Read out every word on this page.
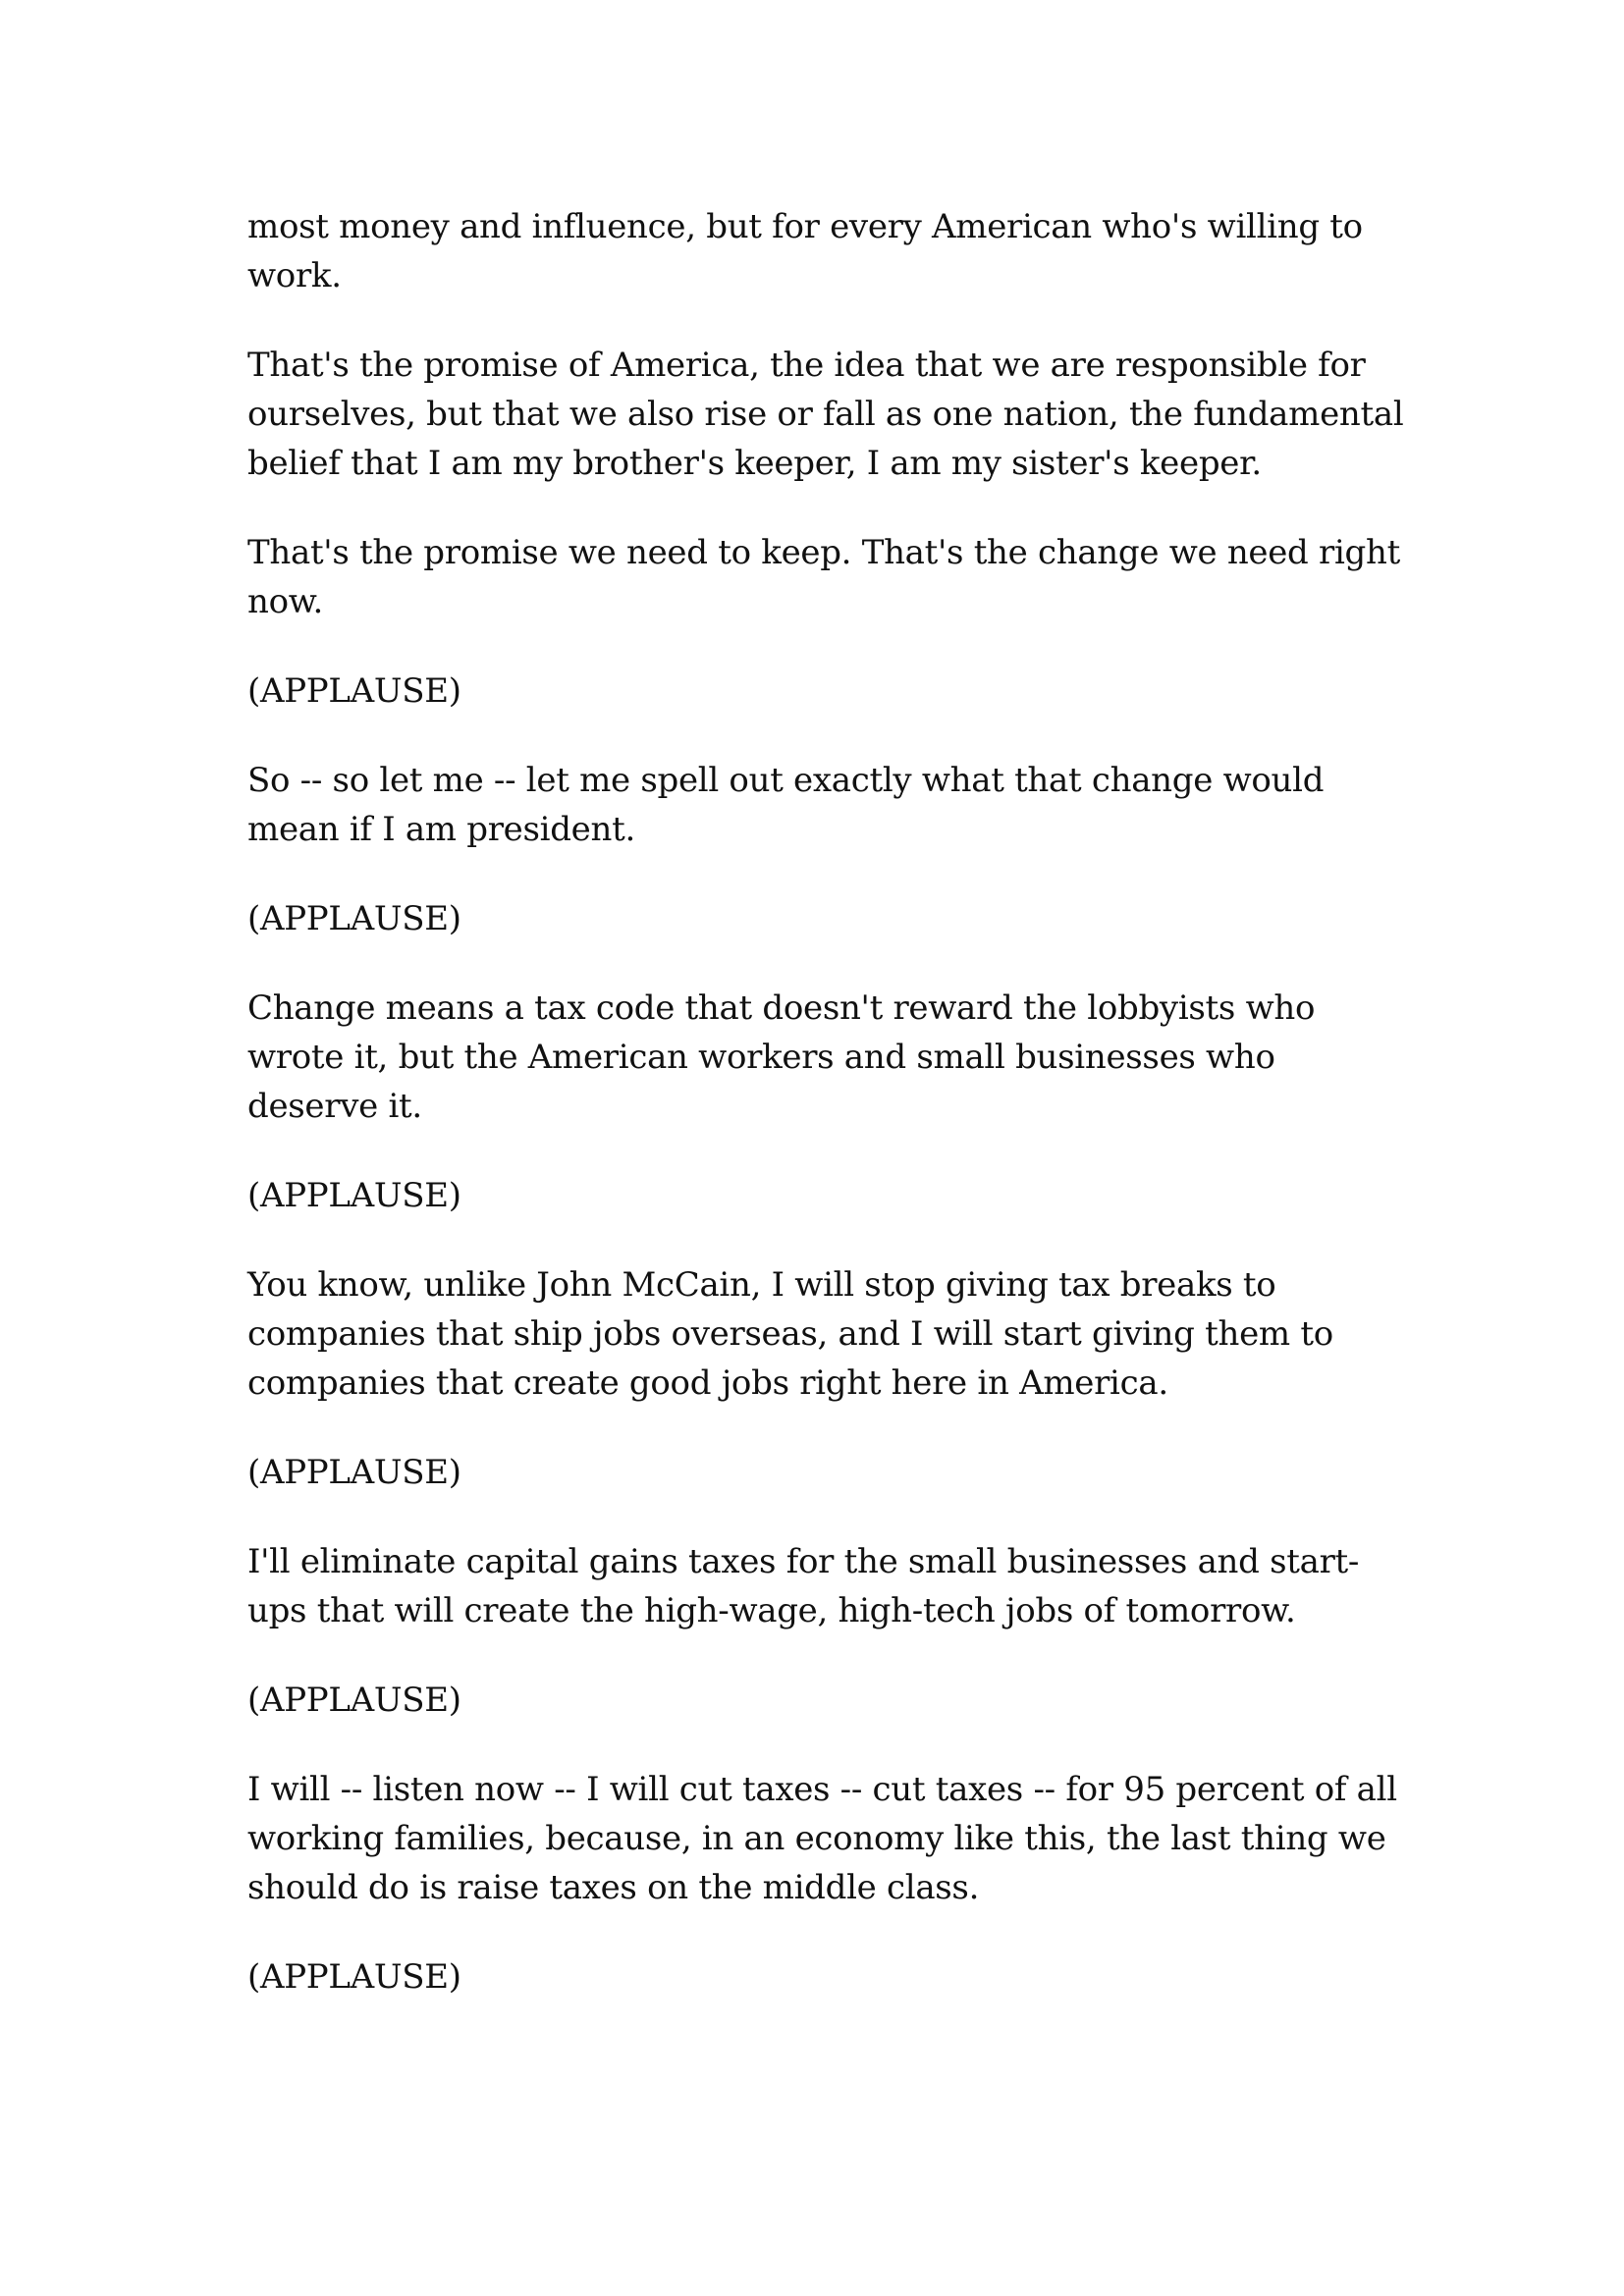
most money and influence, but for every American who's willing to work.

That's the promise of America, the idea that we are responsible for ourselves, but that we also rise or fall as one nation, the fundamental belief that I am my brother's keeper, I am my sister's keeper.

That's the promise we need to keep. That's the change we need right now.

(APPLAUSE)

So -- so let me -- let me spell out exactly what that change would mean if I am president.

(APPLAUSE)

Change means a tax code that doesn't reward the lobbyists who wrote it, but the American workers and small businesses who deserve it.

(APPLAUSE)

You know, unlike John McCain, I will stop giving tax breaks to companies that ship jobs overseas, and I will start giving them to companies that create good jobs right here in America.

(APPLAUSE)

I'll eliminate capital gains taxes for the small businesses and start-ups that will create the high-wage, high-tech jobs of tomorrow.

(APPLAUSE)

I will -- listen now -- I will cut taxes -- cut taxes -- for 95 percent of all working families, because, in an economy like this, the last thing we should do is raise taxes on the middle class.

(APPLAUSE)
